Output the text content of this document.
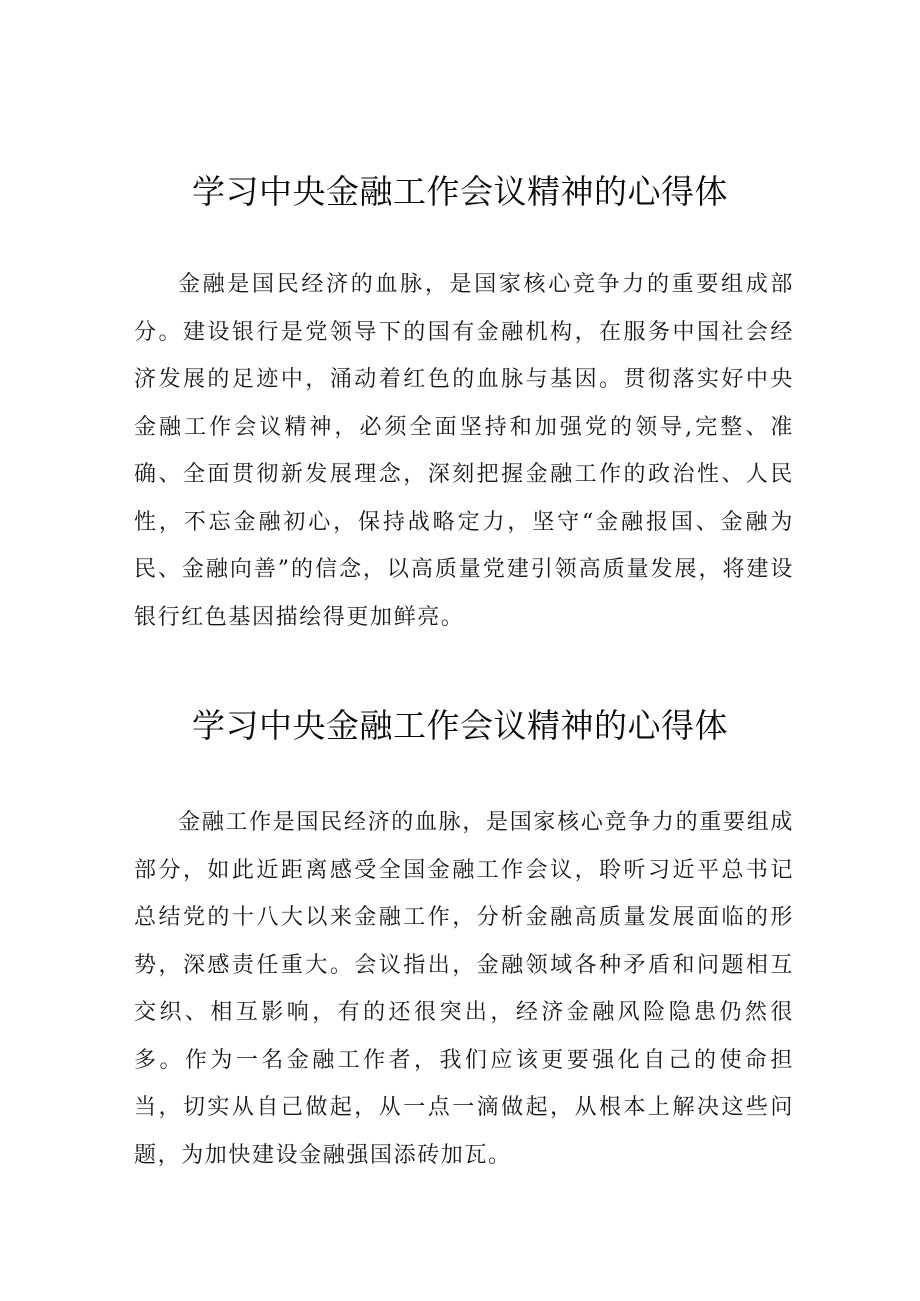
学习中央金融工作会议精神的心得体

金融是国民经济的血脉，是国家核心竞争力的重要组成部分。建设银行是党领导下的国有金融机构，在服务中国社会经济发展的足迹中，涌动着红色的血脉与基因。贯彻落实好中央金融工作会议精神，必须全面坚持和加强党的领导,完整、准确、全面贯彻新发展理念，深刻把握金融工作的政治性、人民性，不忘金融初心，保持战略定力，坚守“金融报国、金融为民、金融向善”的信念，以高质量党建引领高质量发展，将建设银行红色基因描绘得更加鲜亮。

学习中央金融工作会议精神的心得体

金融工作是国民经济的血脉，是国家核心竞争力的重要组成部分，如此近距离感受全国金融工作会议，聆听习近平总书记总结党的十八大以来金融工作，分析金融高质量发展面临的形势，深感责任重大。会议指出，金融领域各种矛盾和问题相互交织、相互影响，有的还很突出，经济金融风险隐患仍然很多。作为一名金融工作者，我们应该更要强化自己的使命担当，切实从自己做起，从一点一滴做起，从根本上解决这些问题，为加快建设金融强国添砖加瓦。
